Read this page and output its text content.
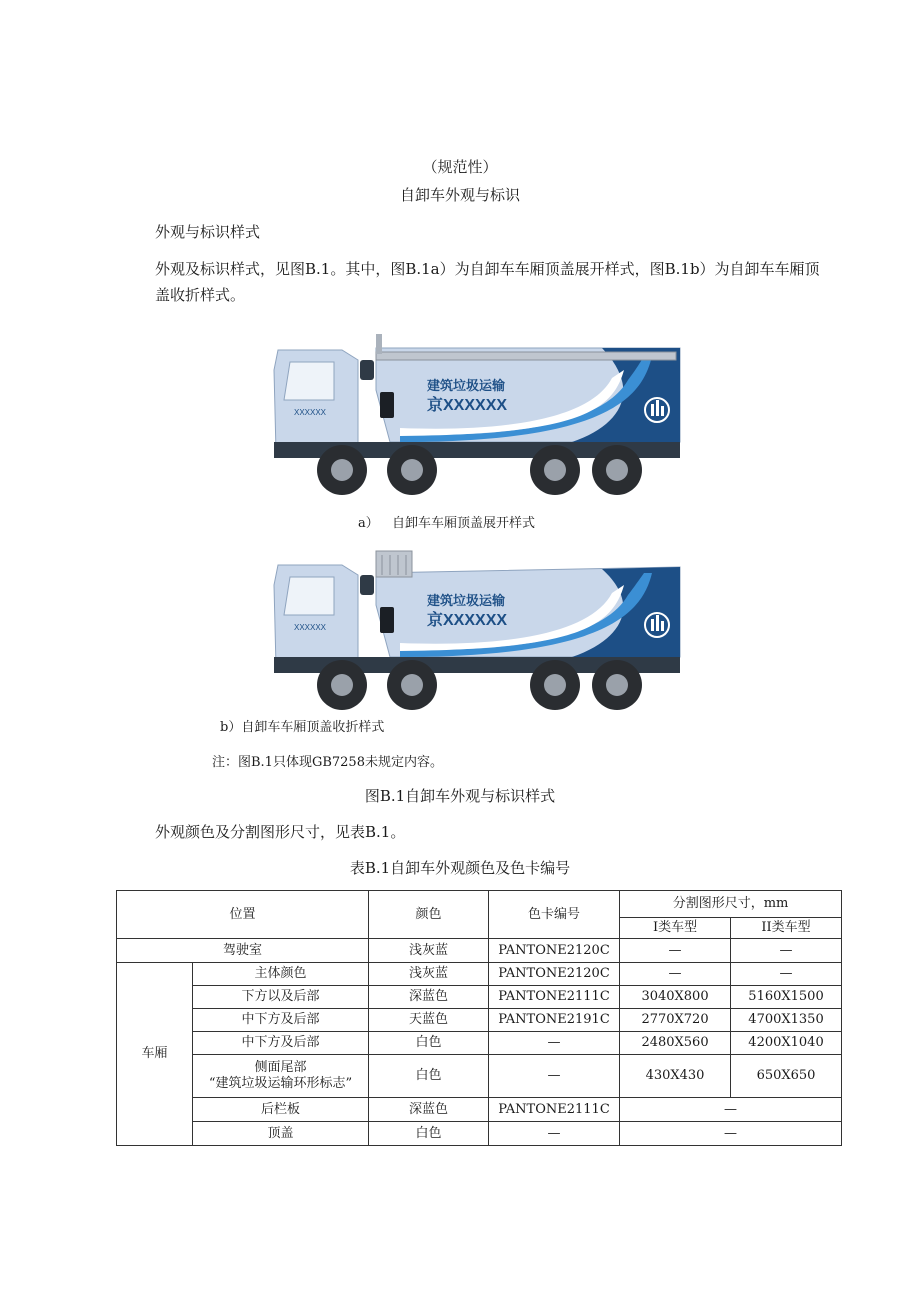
（规范性）
自卸车外观与标识
外观与标识样式
外观及标识样式，见图B.1。其中，图B.1a）为自卸车车厢顶盖展开样式，图B.1b）为自卸车车厢顶
盖收折样式。
建筑垃圾运输
京XXXXXX
XXXXXX
a） 自卸车车厢顶盖展开样式
建筑垃圾运输
京XXXXXX
XXXXXX
b）自卸车车厢顶盖收折样式
注：图B.1只体现GB7258未规定内容。
图B.1自卸车外观与标识样式
外观颜色及分割图形尺寸，见表B.1。
表B.1自卸车外观颜色及色卡编号
位置		颜色	色卡编号	分割图形尺寸，mm	
				I类车型	II类车型
驾驶室		浅灰蓝	PANTONE2120C	—	—
车厢	主体颜色	浅灰蓝	PANTONE2120C	—	—
	下方以及后部	深蓝色	PANTONE2111C	3040X800	5160X1500
	中下方及后部	天蓝色	PANTONE2191C	2770X720	4700X1350
	中下方及后部	白色	—	2480X560	4200X1040

	侧面尾部
“建筑垃圾运输环形标志”	白色	—	430X430	650X650
	后栏板	深蓝色	PANTONE2111C	—	
	顶盖	白色	—	—	
